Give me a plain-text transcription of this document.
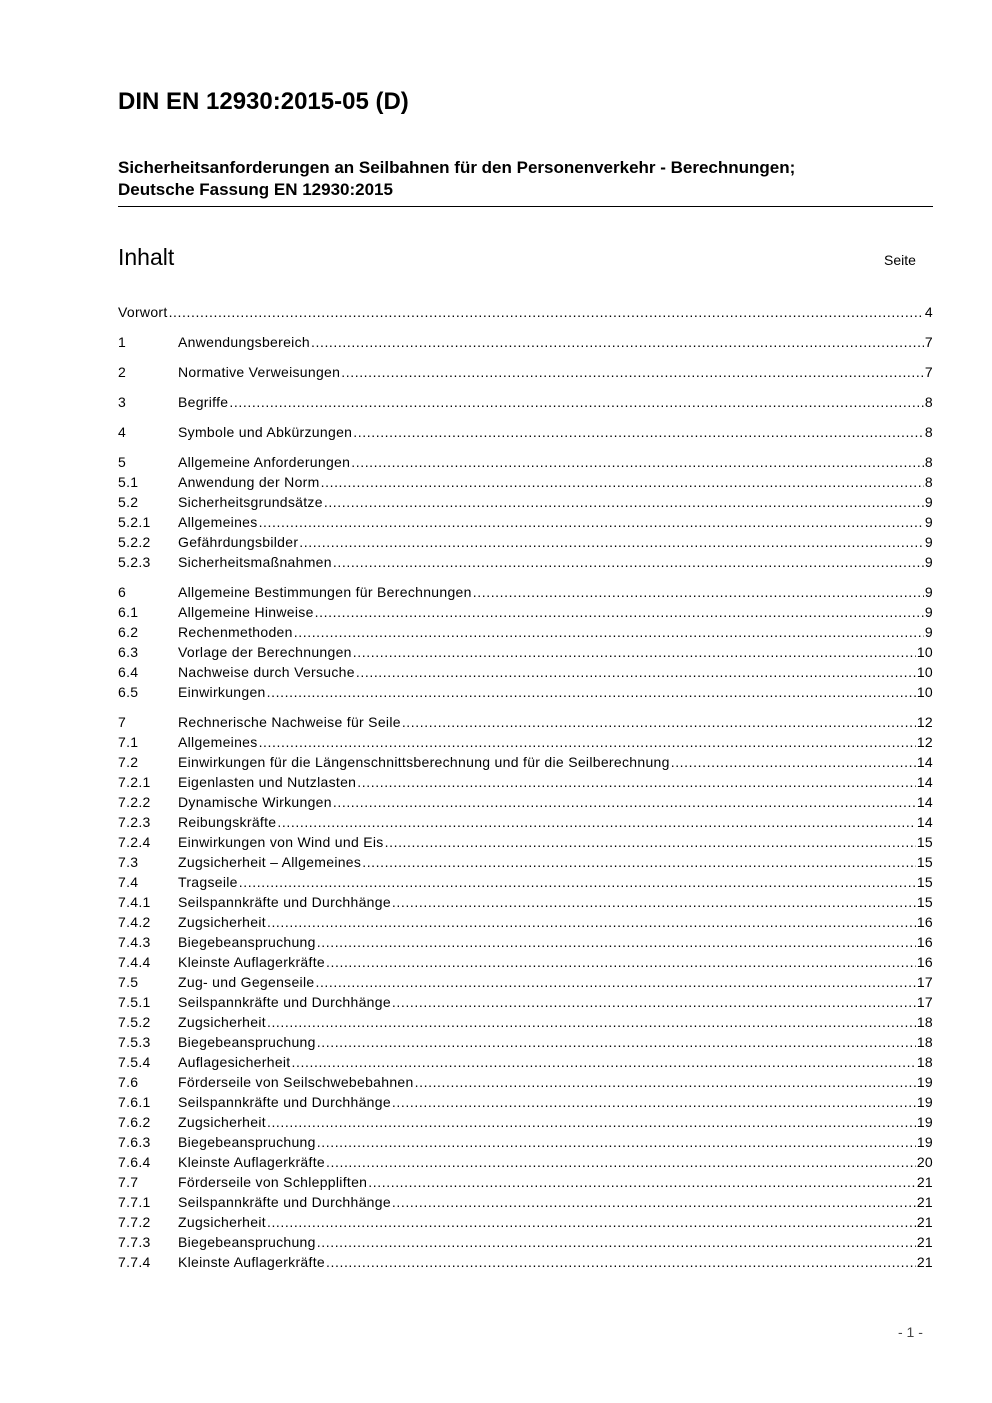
DIN EN 12930:2015-05 (D)
Sicherheitsanforderungen an Seilbahnen für den Personenverkehr - Berechnungen;
Deutsche Fassung EN 12930:2015
Inhalt	Seite
Vorwort .....	4
1	Anwendungsbereich .....	7
2	Normative Verweisungen .....	7
3	Begriffe .....	8
4	Symbole und Abkürzungen .....	8
5	Allgemeine Anforderungen .....	8
5.1	Anwendung der Norm .....	8
5.2	Sicherheitsgrundsätze .....	9
5.2.1 Allgemeines .....	9
5.2.2 Gefährdungsbilder .....	9
5.2.3 Sicherheitsmaßnahmen .....	9
6	Allgemeine Bestimmungen für Berechnungen .....	9
6.1	Allgemeine Hinweise .....	9
6.2	Rechenmethoden .....	9
6.3	Vorlage der Berechnungen .....	10
6.4	Nachweise durch Versuche .....	10
6.5	Einwirkungen .....	10
7	Rechnerische Nachweise für Seile .....	12
7.1	Allgemeines .....	12
7.2	Einwirkungen für die Längenschnittsberechnung und für die Seilberechnung .....	14
7.2.1 Eigenlasten und Nutzlasten .....	14
7.2.2 Dynamische Wirkungen .....	14
7.2.3 Reibungskräfte .....	14
7.2.4 Einwirkungen von Wind und Eis .....	15
7.3	Zugsicherheit – Allgemeines .....	15
7.4	Tragseile .....	15
7.4.1 Seilspannkräfte und Durchhänge .....	15
7.4.2 Zugsicherheit .....	16
7.4.3 Biegebeanspruchung .....	16
7.4.4 Kleinste Auflagerkräfte .....	16
7.5	Zug- und Gegenseile .....	17
7.5.1 Seilspannkräfte und Durchhänge .....	17
7.5.2 Zugsicherheit .....	18
7.5.3 Biegebeanspruchung .....	18
7.5.4 Auflagesicherheit .....	18
7.6	Förderseile von Seilschwebebahnen .....	19
7.6.1 Seilspannkräfte und Durchhänge .....	19
7.6.2 Zugsicherheit .....	19
7.6.3 Biegebeanspruchung .....	19
7.6.4 Kleinste Auflagerkräfte .....	20
7.7	Förderseile von Schleppliften .....	21
7.7.1 Seilspannkräfte und Durchhänge .....	21
7.7.2 Zugsicherheit .....	21
7.7.3 Biegebeanspruchung .....	21
7.7.4 Kleinste Auflagerkräfte .....	21
- 1 -
